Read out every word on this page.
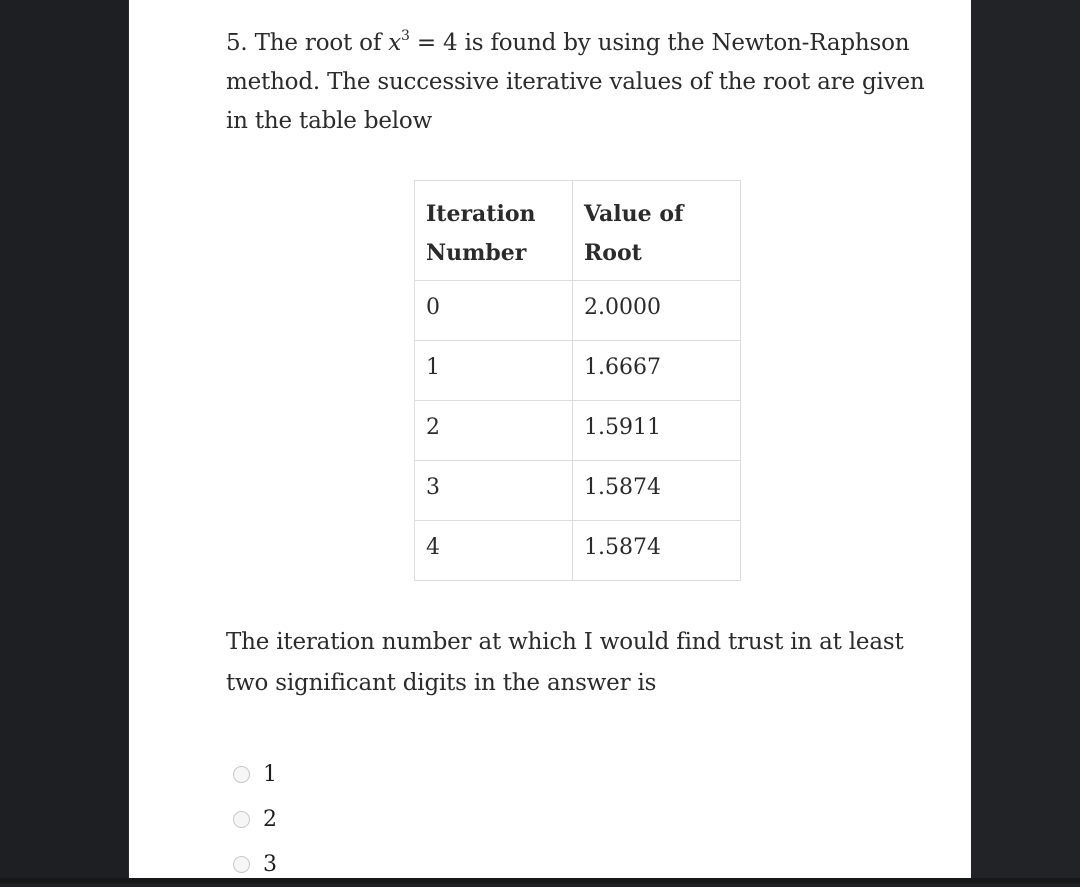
5. The root of $x^3 = 4$ is found by using the Newton-Raphson method. The successive iterative values of the root are given in the table below

Iteration Number	Value of Root
0	2.0000
1	1.6667
2	1.5911
3	1.5874
4	1.5874

The iteration number at which I would find trust in at least two significant digits in the answer is

1
2
3
